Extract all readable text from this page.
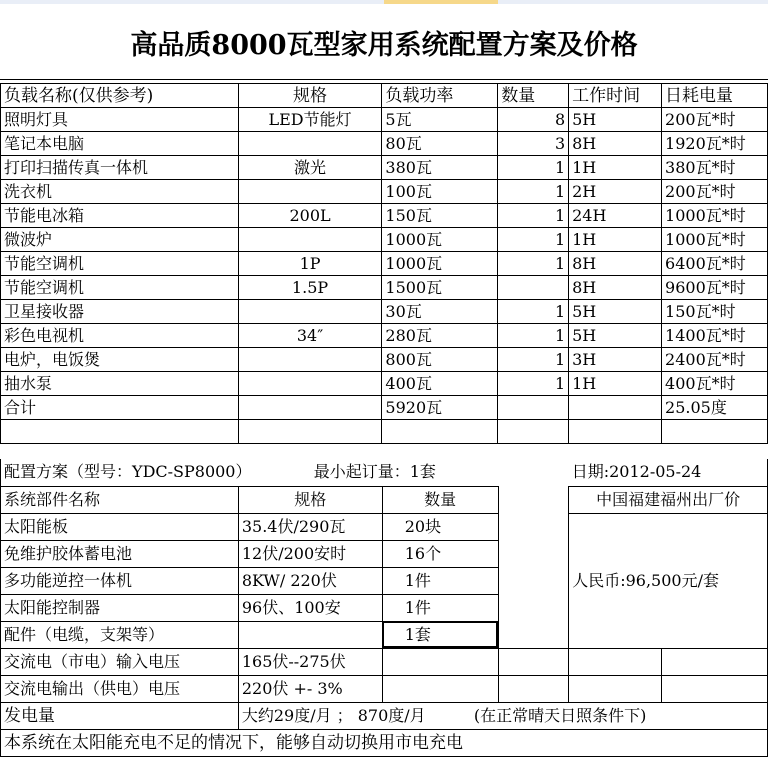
高品质8000瓦型家用系统配置方案及价格
负载名称(仅供参考)	规格	负载功率	数量	工作时间	日耗电量
照明灯具	LED节能灯	5瓦	8	5H	200瓦*时
笔记本电脑		80瓦	3	8H	1920瓦*时
打印扫描传真一体机	激光	380瓦	1	1H	380瓦*时
洗衣机		100瓦	1	2H	200瓦*时
节能电冰箱	200L	150瓦	1	24H	1000瓦*时
微波炉		1000瓦	1	1H	1000瓦*时
节能空调机	1P	1000瓦	1	8H	6400瓦*时
节能空调机	1.5P	1500瓦		8H	9600瓦*时
卫星接收器		30瓦	1	5H	150瓦*时
彩色电视机	34″	280瓦	1	5H	1400瓦*时
电炉，电饭煲		800瓦	1	3H	2400瓦*时
抽水泵		400瓦	1	1H	400瓦*时
合计		5920瓦			25.05度

配置方案（型号：YDC-SP8000） 最小起订量：1套				日期:2012-05-24	
系统部件名称	规格	数量		中国福建福州出厂价	
太阳能板	35.4伏/290瓦	20块		人民币:96,500元/套	
免维护胶体蓄电池	12伏/200安时	16个			
多功能逆控一体机	8KW/ 220伏	1件			
太阳能控制器	96伏、100安	1件			
配件（电缆，支架等）		1套			
交流电（市电）输入电压	165伏--275伏				
交流电输出（供电）电压	220伏 +- 3%				
发电量	大约29度/月 ； 870度/月 (在正常晴天日照条件下)				
本系统在太阳能充电不足的情况下，能够自动切换用市电充电					
